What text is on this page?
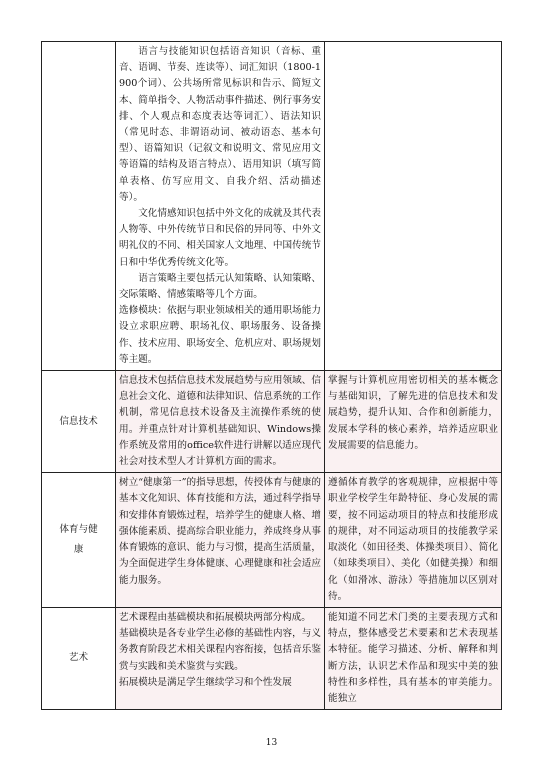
	语言与技能知识包括语音知识（音标、重音、语调、节奏、连读等）、词汇知识（1800-1900个词）、公共场所常见标识和告示、简短文本、简单指令、人物活动事件描述、例行事务安排、个人观点和态度表达等词汇）、语法知识（常见时态、非谓语动词、被动语态、基本句型）、语篇知识（记叙文和说明文、常见应用文等语篇的结构及语言特点）、语用知识（填写简单表格、仿写应用文、自我介绍、活动描述等）。
文化情感知识包括中外文化的成就及其代表人物等、中外传统节日和民俗的异同等、中外文明礼仪的不同、相关国家人文地理、中国传统节日和中华优秀传统文化等。
语言策略主要包括元认知策略、认知策略、交际策略、情感策略等几个方面。
选修模块：依据与职业领域相关的通用职场能力设立求职应聘、职场礼仪、职场服务、设备操作、技术应用、职场安全、危机应对、职场规划等主题。	

信息技术	信息技术包括信息技术发展趋势与应用领域、信息社会文化、道德和法律知识、信息系统的工作机制，常见信息技术设备及主流操作系统的使用。并重点针对计算机基础知识、Windows操作系统及常用的office软件进行讲解以适应现代社会对技术型人才计算机方面的需求。	掌握与计算机应用密切相关的基本概念与基础知识，了解先进的信息技术和发展趋势，提升认知、合作和创新能力，发展本学科的核心素养，培养适应职业发展需要的信息能力。

体育与健康	树立“健康第一”的指导思想，传授体育与健康的基本文化知识、体育技能和方法，通过科学指导和安排体育锻炼过程，培养学生的健康人格、增强体能素质、提高综合职业能力，养成终身从事体育锻炼的意识、能力与习惯，提高生活质量，为全面促进学生身体健康、心理健康和社会适应能力服务。	遵循体育教学的客观规律，应根据中等职业学校学生年龄特征、身心发展的需要，按不同运动项目的特点和技能形成的规律，对不同运动项目的技能教学采取淡化（如田径类、体操类项目）、简化（如球类项目）、美化（如健美操）和细化（如滑冰、游泳）等措施加以区别对待。

艺术	艺术课程由基础模块和拓展模块两部分构成。
基础模块是各专业学生必修的基础性内容，与义务教育阶段艺术相关课程内容衔接，包括音乐鉴赏与实践和美术鉴赏与实践。
拓展模块是满足学生继续学习和个性发展	能知道不同艺术门类的主要表现方式和特点，整体感受艺术要素和艺术表现基本特征。能学习描述、分析、解释和判断方法，认识艺术作品和现实中美的独特性和多样性，具有基本的审美能力。能独立
13
